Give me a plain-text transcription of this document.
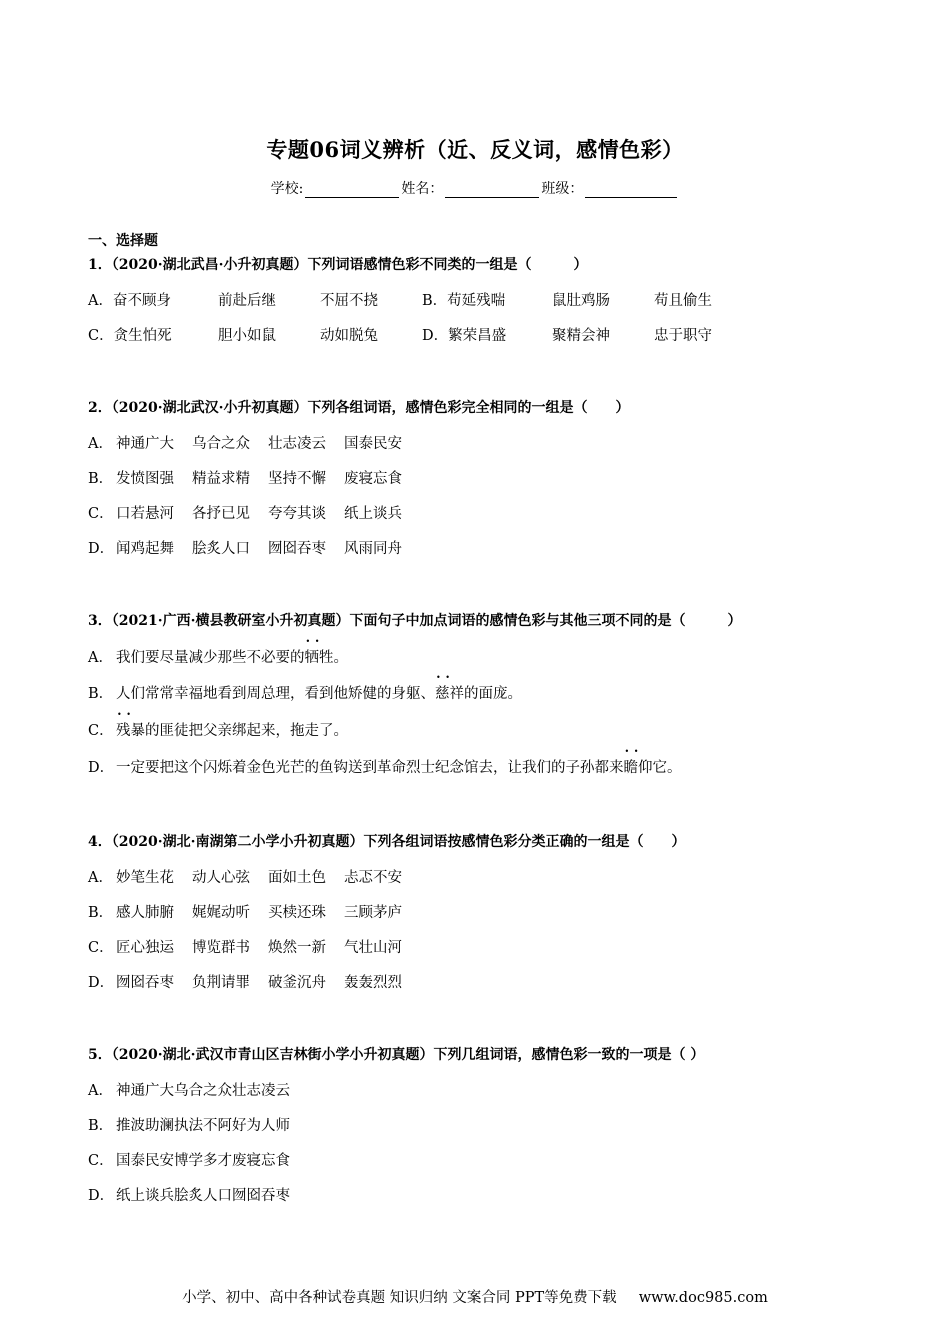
专题06词义辨析（近、反义词，感情色彩）
学校:	姓名：	班级：
一、选择题
1．（2020·湖北武昌·小升初真题）下列词语感情色彩不同类的一组是（　　　）
A．奋不顾身	前赴后继	不屈不挠	B．苟延残喘	鼠肚鸡肠	苟且偷生
C．贪生怕死	胆小如鼠	动如脱兔	D．繁荣昌盛	聚精会神	忠于职守
2．（2020·湖北武汉·小升初真题）下列各组词语，感情色彩完全相同的一组是（　　）
A． 神通广大 乌合之众 壮志凌云 国泰民安
B． 发愤图强 精益求精 坚持不懈 废寝忘食
C． 口若悬河 各抒已见 夸夸其谈 纸上谈兵
D． 闻鸡起舞 脍炙人口 囫囵吞枣 风雨同舟
3．（2021·广西·横县教研室小升初真题）下面句子中加点词语的感情色彩与其他三项不同的是（　　　）
A． 我们要尽量减少那些不必要的• • 牺牲。
B． 人们常常幸福地看到周总理，看到他矫健的身躯、• • 慈祥的面庞。
C．• • 残暴的匪徒把父亲绑起来，拖走了。
D． 一定要把这个闪烁着金色光芒的鱼钩送到革命烈士纪念馆去，让我们的子孙都来• • 瞻仰它。
4．（2020·湖北·南湖第二小学小升初真题）下列各组词语按感情色彩分类正确的一组是（　　）
A． 妙笔生花 动人心弦 面如土色 忐忑不安
B． 感人肺腑 娓娓动听 买椟还珠 三顾茅庐
C． 匠心独运 博览群书 焕然一新 气壮山河
D． 囫囵吞枣 负荆请罪 破釜沉舟 轰轰烈烈
5．（2020·湖北·武汉市青山区吉林街小学小升初真题）下列几组词语，感情色彩一致的一项是（ ）
A． 神通广大乌合之众壮志凌云
B． 推波助澜执法不阿好为人师
C． 国泰民安博学多才废寝忘食
D． 纸上谈兵脍炙人口囫囵吞枣
小学、初中、高中各种试卷真题 知识归纳 文案合同 PPT等免费下载 www.doc985.com
